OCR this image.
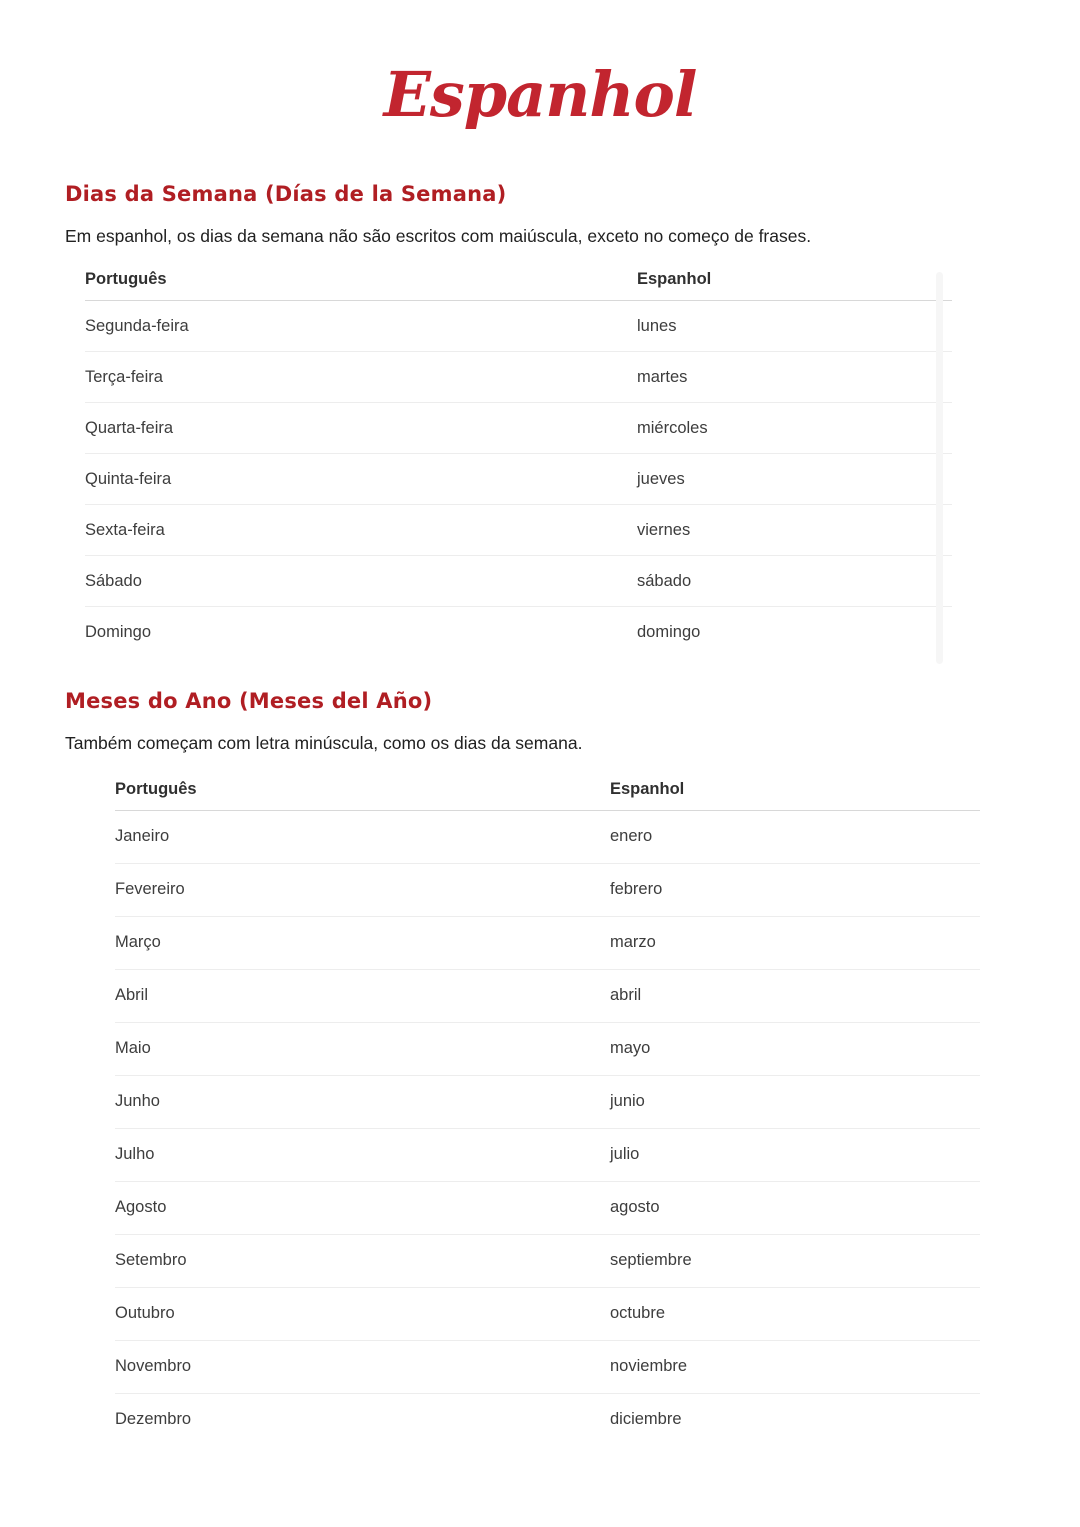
Espanhol
Dias da Semana (Días de la Semana)

Em espanhol, os dias da semana não são escritos com maiúscula, exceto no começo de frases.

Português	Espanhol
Segunda-feira	lunes
Terça-feira	martes
Quarta-feira	miércoles
Quinta-feira	jueves
Sexta-feira	viernes
Sábado	sábado
Domingo	domingo
Meses do Ano (Meses del Año)

Também começam com letra minúscula, como os dias da semana.

Português	Espanhol
Janeiro	enero
Fevereiro	febrero
Março	marzo
Abril	abril
Maio	mayo
Junho	junio
Julho	julio
Agosto	agosto
Setembro	septiembre
Outubro	octubre
Novembro	noviembre
Dezembro	diciembre
